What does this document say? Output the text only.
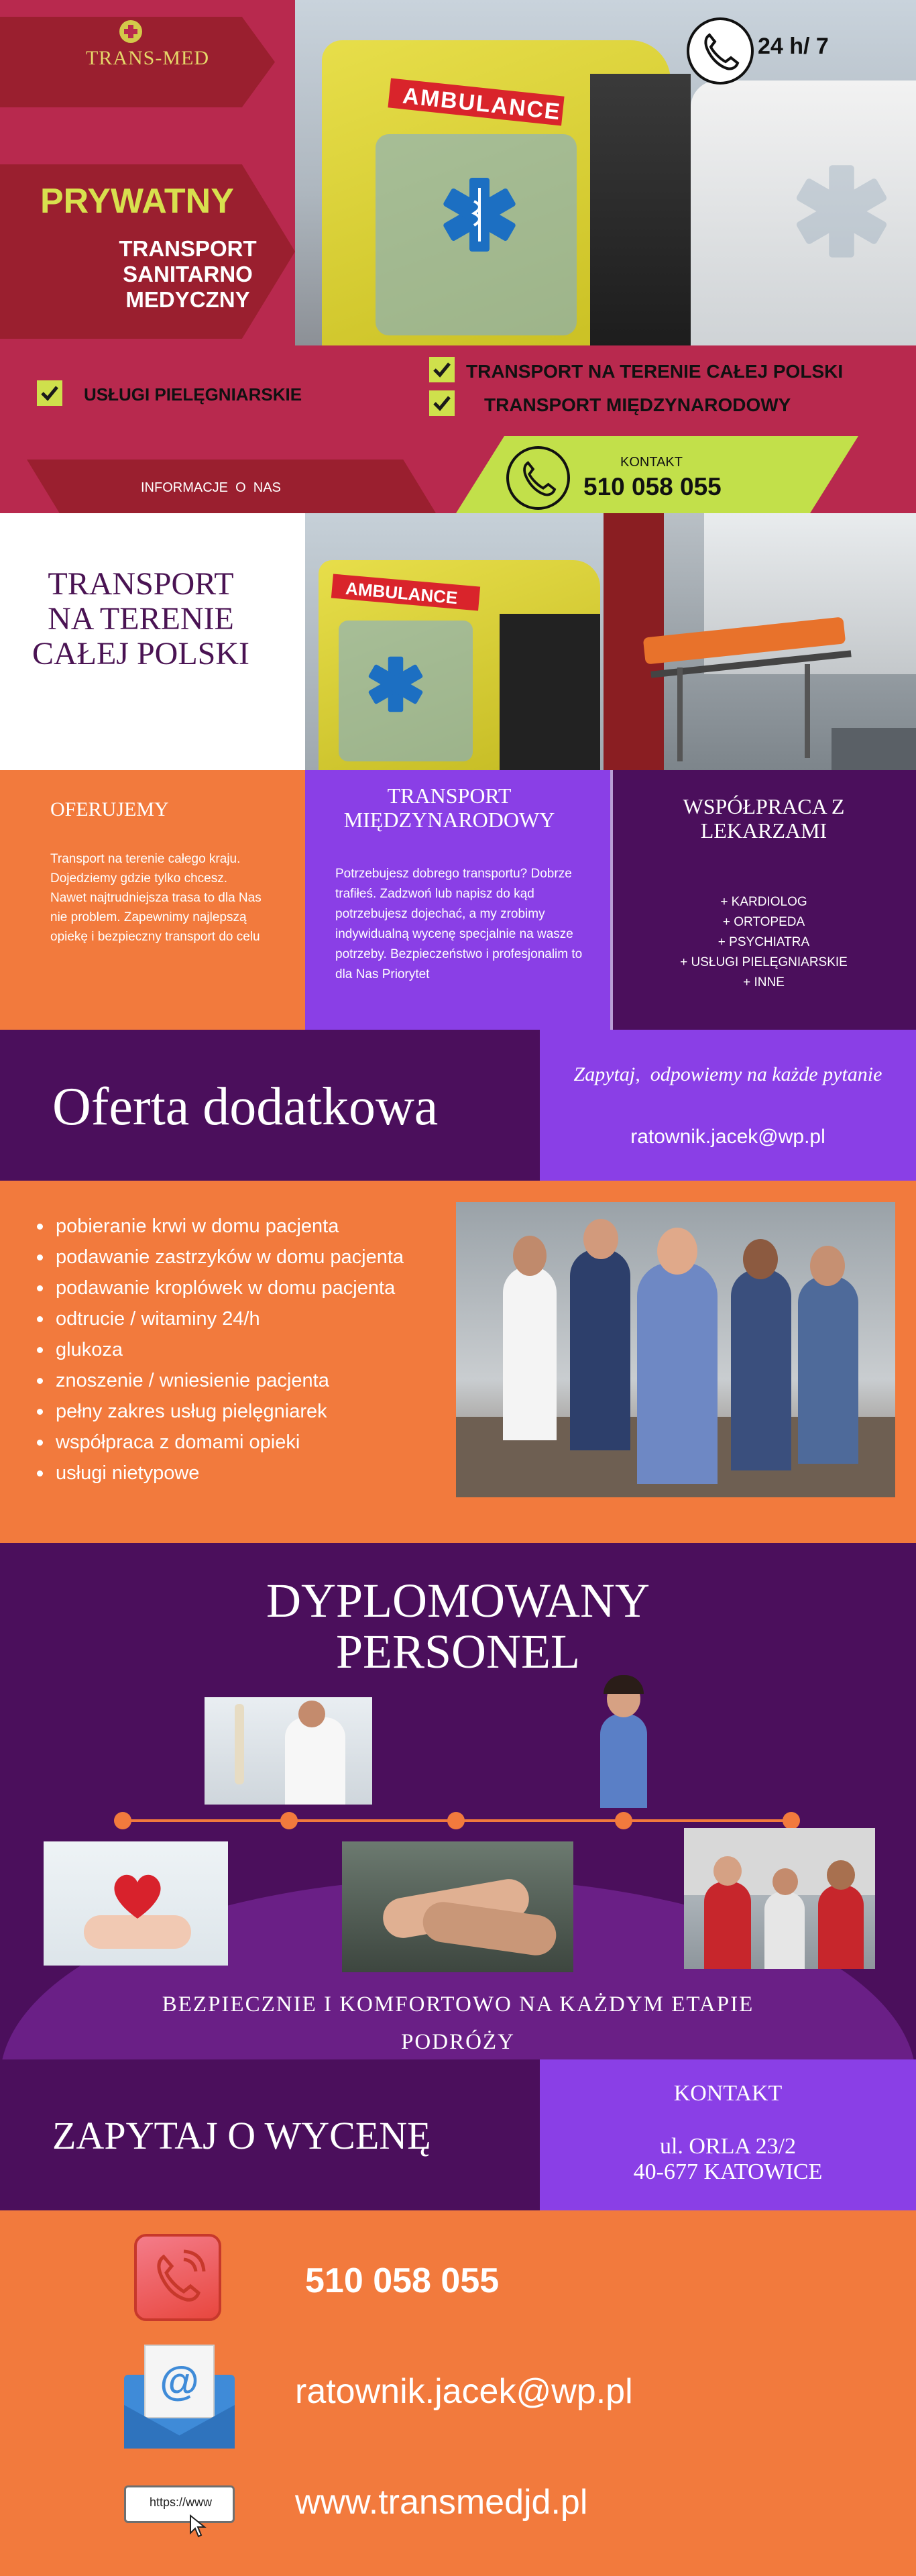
AMBULANCE
TRANS-MED	24 h/ 7
PRYWATNY
TRANSPORT SANITARNO MEDYCZNY
USŁUGI PIELĘGNIARSKIE
TRANSPORT NA TERENIE CAŁEJ POLSKI
TRANSPORT MIĘDZYNARODOWY
INFORMACJE  O  NAS
KONTAKT
510 058 055
TRANSPORT NA TERENIE CAŁEJ POLSKI
AMBULANCE
OFERUJEMY
Transport na terenie całego kraju. Dojedziemy gdzie tylko chcesz. Nawet najtrudniejsza trasa to dla Nas nie problem. Zapewnimy najlepszą opiekę i bezpieczny transport do celu
TRANSPORT MIĘDZYNARODOWY
Potrzebujesz dobrego transportu? Dobrze trafiłeś. Zadzwoń lub napisz do kąd potrzebujesz dojechać, a my zrobimy indywidualną wycenę specjalnie na wasze potrzeby. Bezpieczeństwo i profesjonalim to dla Nas Priorytet
WSPÓŁPRACA Z LEKARZAMI
+ KARDIOLOG
+ ORTOPEDA
+ PSYCHIATRA
+ USŁUGI PIELĘGNIARSKIE
+ INNE
Oferta dodatkowa
Zapytaj,  odpowiemy na każde pytanie
ratownik.jacek@wp.pl
pobieranie krwi w domu pacjenta
podawanie zastrzyków w domu pacjenta
podawanie kroplówek w domu pacjenta
odtrucie / witaminy 24/h
glukoza
znoszenie / wniesienie pacjenta
pełny zakres usług pielęgniarek
współpraca z domami opieki
usługi nietypowe
DYPLOMOWANY PERSONEL
BEZPIECZNIE I KOMFORTOWO NA KAŻDYM ETAPIE PODRÓŻY
ZAPYTAJ O WYCENĘ
KONTAKT
ul. ORLA 23/2
40-677 KATOWICE
510 058 055
@	ratownik.jacek@wp.pl
https://www www.transmedjd.pl
